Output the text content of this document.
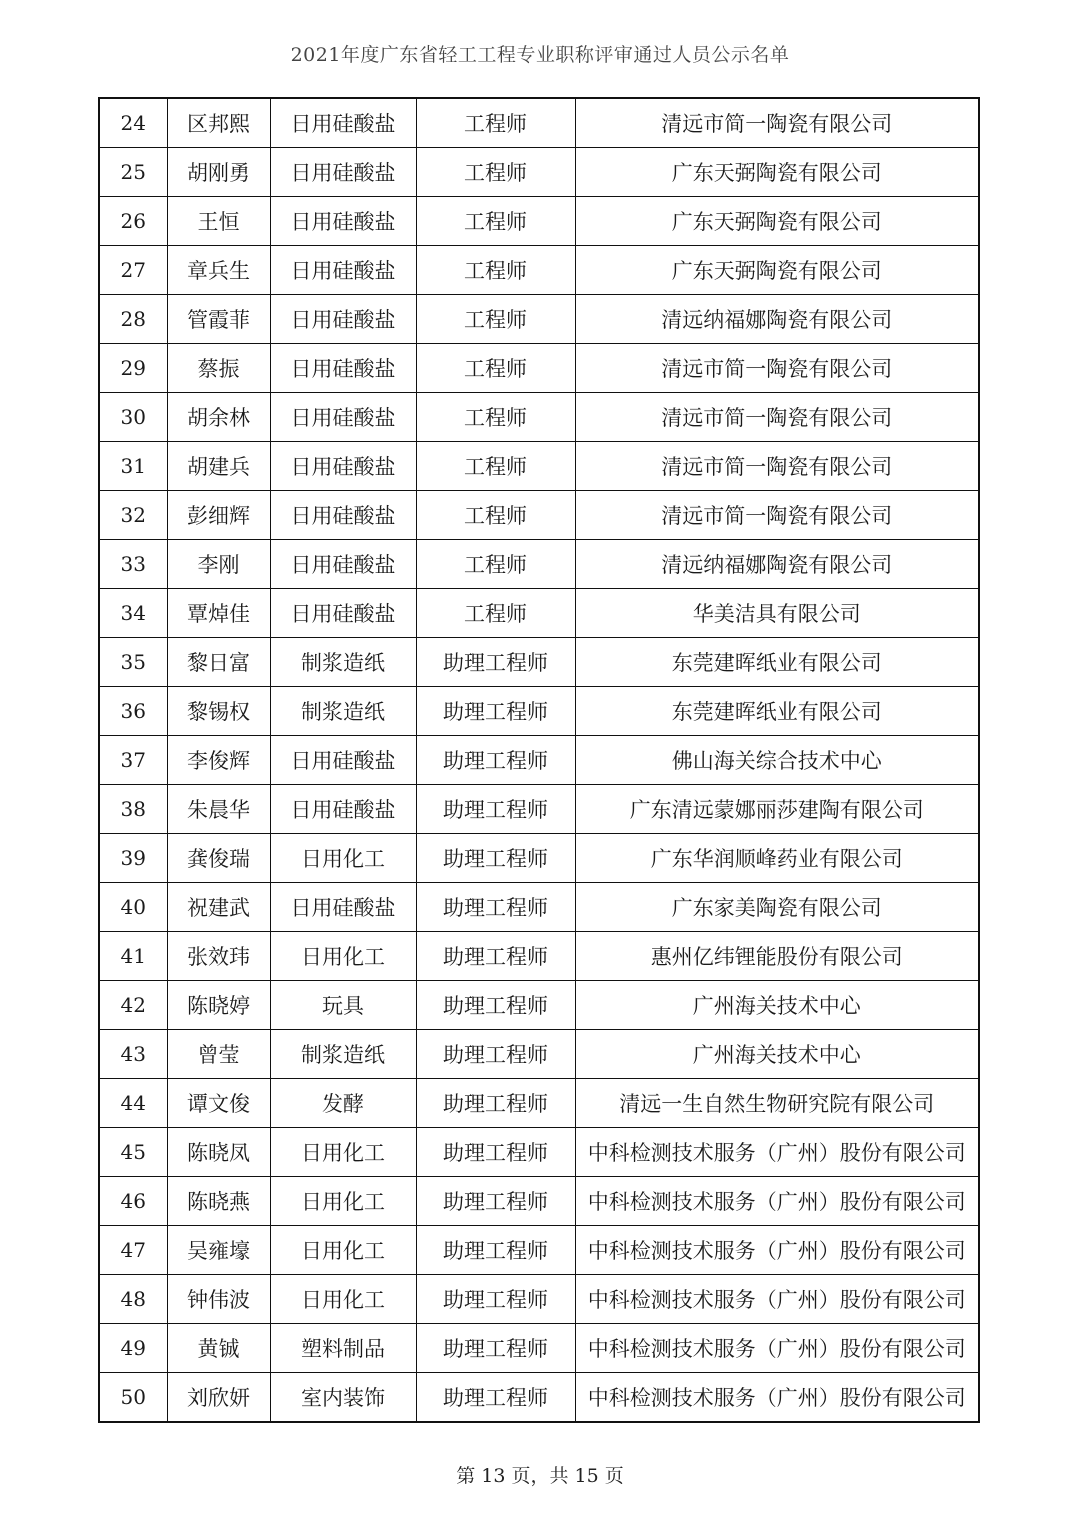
2021年度广东省轻工工程专业职称评审通过人员公示名单
24	区邦熙	日用硅酸盐	工程师	清远市简一陶瓷有限公司
25	胡刚勇	日用硅酸盐	工程师	广东天弼陶瓷有限公司
26	王恒	日用硅酸盐	工程师	广东天弼陶瓷有限公司
27	章兵生	日用硅酸盐	工程师	广东天弼陶瓷有限公司
28	管霞菲	日用硅酸盐	工程师	清远纳福娜陶瓷有限公司
29	蔡振	日用硅酸盐	工程师	清远市简一陶瓷有限公司
30	胡余林	日用硅酸盐	工程师	清远市简一陶瓷有限公司
31	胡建兵	日用硅酸盐	工程师	清远市简一陶瓷有限公司
32	彭细辉	日用硅酸盐	工程师	清远市简一陶瓷有限公司
33	李刚	日用硅酸盐	工程师	清远纳福娜陶瓷有限公司
34	覃焯佳	日用硅酸盐	工程师	华美洁具有限公司
35	黎日富	制浆造纸	助理工程师	东莞建晖纸业有限公司
36	黎锡权	制浆造纸	助理工程师	东莞建晖纸业有限公司
37	李俊辉	日用硅酸盐	助理工程师	佛山海关综合技术中心
38	朱晨华	日用硅酸盐	助理工程师	广东清远蒙娜丽莎建陶有限公司
39	龚俊瑞	日用化工	助理工程师	广东华润顺峰药业有限公司
40	祝建武	日用硅酸盐	助理工程师	广东家美陶瓷有限公司
41	张效玮	日用化工	助理工程师	惠州亿纬锂能股份有限公司
42	陈晓婷	玩具	助理工程师	广州海关技术中心
43	曾莹	制浆造纸	助理工程师	广州海关技术中心
44	谭文俊	发酵	助理工程师	清远一生自然生物研究院有限公司
45	陈晓凤	日用化工	助理工程师	中科检测技术服务（广州）股份有限公司
46	陈晓燕	日用化工	助理工程师	中科检测技术服务（广州）股份有限公司
47	吴雍壕	日用化工	助理工程师	中科检测技术服务（广州）股份有限公司
48	钟伟波	日用化工	助理工程师	中科检测技术服务（广州）股份有限公司
49	黄铖	塑料制品	助理工程师	中科检测技术服务（广州）股份有限公司
50	刘欣妍	室内装饰	助理工程师	中科检测技术服务（广州）股份有限公司
第 13 页，共 15 页
